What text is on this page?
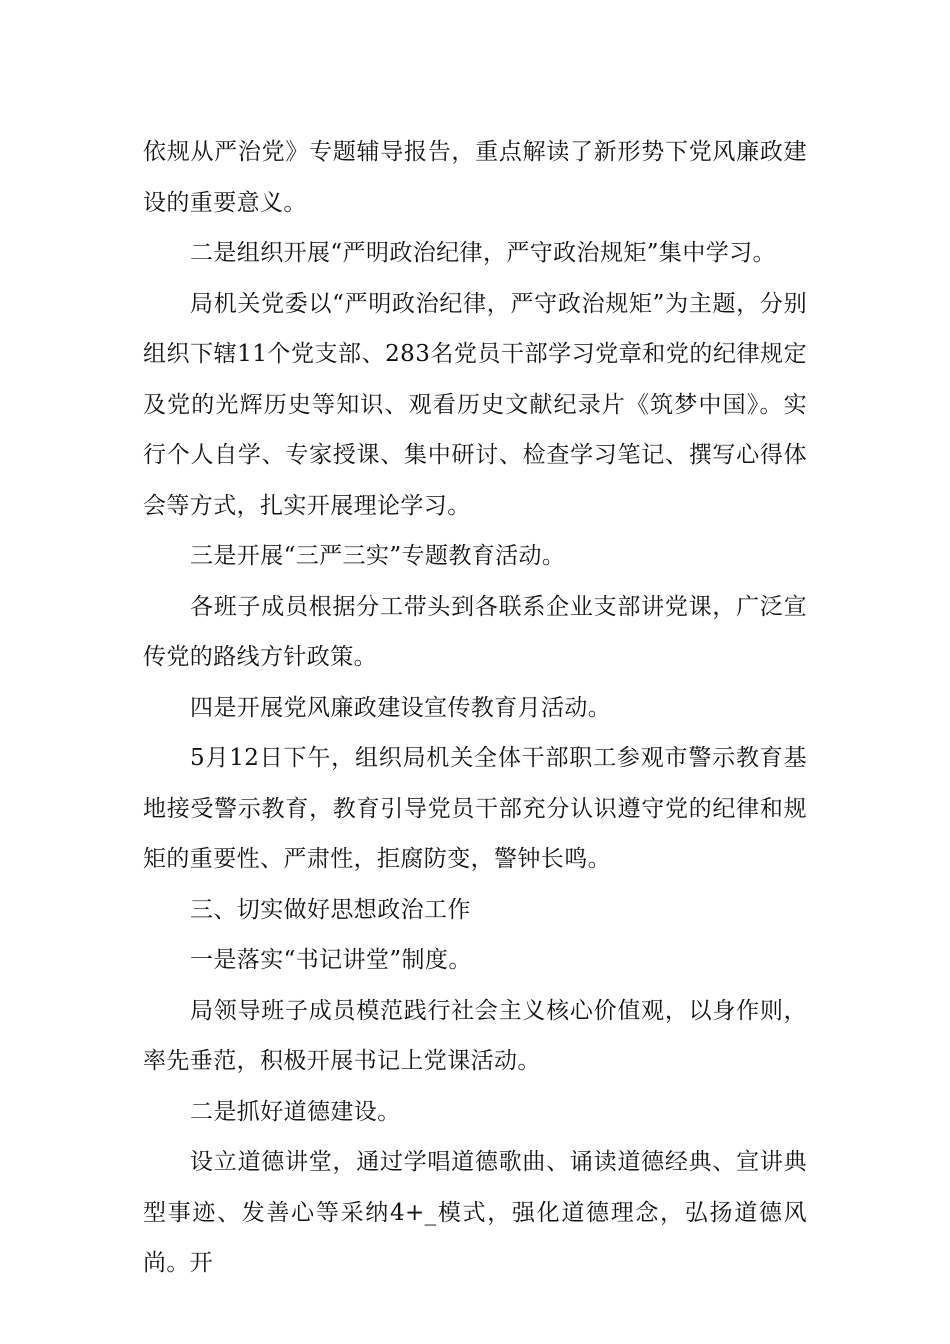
依规从严治党》专题辅导报告，重点解读了新形势下党风廉政建设的重要意义。

二是组织开展“严明政治纪律，严守政治规矩”集中学习。

局机关党委以“严明政治纪律，严守政治规矩”为主题，分别组织下辖11个党支部、283名党员干部学习党章和党的纪律规定及党的光辉历史等知识、观看历史文献纪录片《筑梦中国》。实行个人自学、专家授课、集中研讨、检查学习笔记、撰写心得体会等方式，扎实开展理论学习。

三是开展“三严三实”专题教育活动。

各班子成员根据分工带头到各联系企业支部讲党课，广泛宣传党的路线方针政策。

四是开展党风廉政建设宣传教育月活动。

5月12日下午，组织局机关全体干部职工参观市警示教育基地接受警示教育，教育引导党员干部充分认识遵守党的纪律和规矩的重要性、严肃性，拒腐防变，警钟长鸣。

三、切实做好思想政治工作

一是落实“书记讲堂”制度。

局领导班子成员模范践行社会主义核心价值观，以身作则，率先垂范，积极开展书记上党课活动。

二是抓好道德建设。

设立道德讲堂，通过学唱道德歌曲、诵读道德经典、宣讲典型事迹、发善心等采纳4+_模式，强化道德理念，弘扬道德风尚。开
